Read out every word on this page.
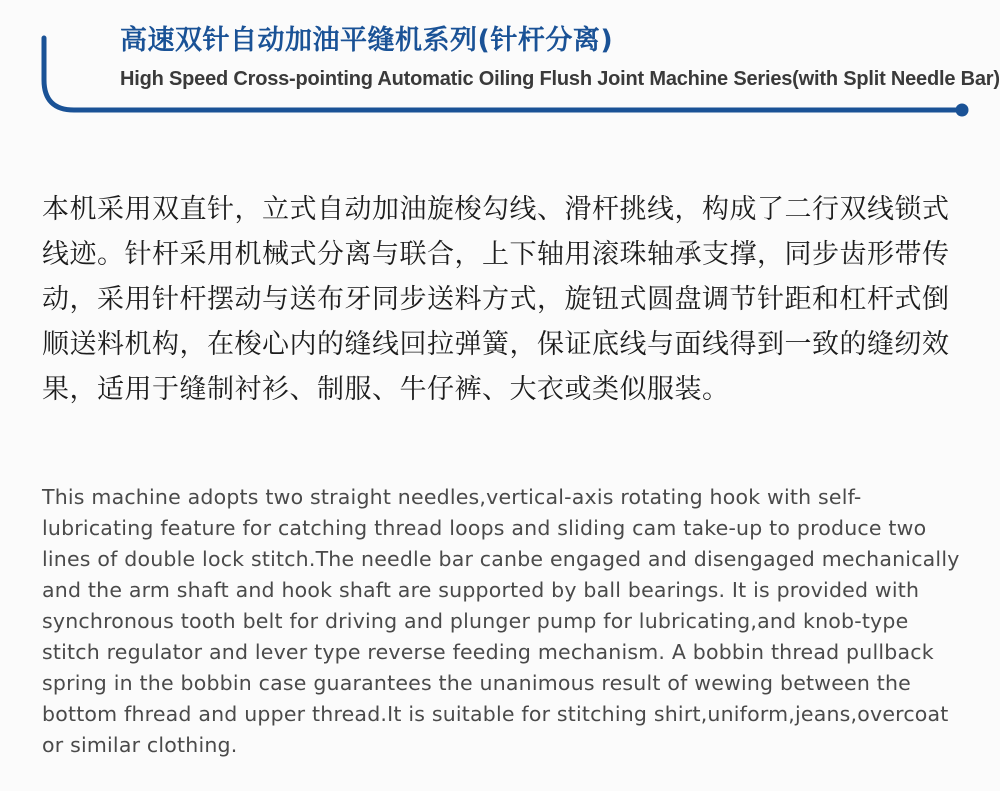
高速双针自动加油平缝机系列(针杆分离)
High Speed Cross-pointing Automatic Oiling Flush Joint Machine Series(with Split Needle Bar)

本机采用双直针，立式自动加油旋梭勾线、滑杆挑线，构成了二行双线锁式线迹。针杆采用机械式分离与联合，上下轴用滚珠轴承支撑，同步齿形带传动，采用针杆摆动与送布牙同步送料方式，旋钮式圆盘调节针距和杠杆式倒顺送料机构，在梭心内的缝线回拉弹簧，保证底线与面线得到一致的缝纫效果，适用于缝制衬衫、制服、牛仔裤、大衣或类似服装。

This machine adopts two straight needles,vertical-axis rotating hook with self-lubricating feature for catching thread loops and sliding cam take-up to produce two lines of double lock stitch.The needle bar canbe engaged and disengaged mechanically and the arm shaft and hook shaft are supported by ball bearings. It is provided with synchronous tooth belt for driving and plunger pump for lubricating,and knob-type stitch regulator and lever type reverse feeding mechanism. A bobbin thread pullback spring in the bobbin case guarantees the unanimous result of wewing between the bottom fhread and upper thread.It is suitable for stitching shirt,uniform,jeans,overcoat or similar clothing.
